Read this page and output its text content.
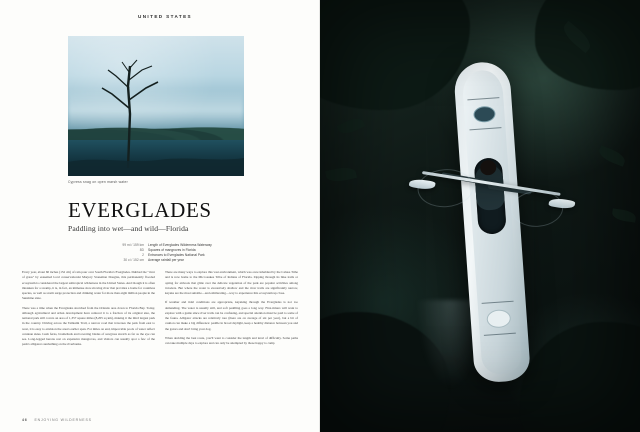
UNITED STATES
Cypress snag on open marsh water
EVERGLADES
Paddling into wet—and wild—Florida
99 mi / 159 km Length of Everglades Wilderness Waterway
8D Squares of mangroves in Florida
2 Entrances to Everglades National Park
30 ci / 152 cm Average rainfall per year

Every year, about 60 inches (152 cm) of rain pour over South Florida's Everglades. Dubbed the "river of grass" by esteemed local conservationist Marjory Stoneman Douglas, this permanently flooded ecosystem is considered the largest subtropical wilderness in the United States. And though it is often mistaken for a swamp, it is, in fact, an immense slow-moving river that provides a home for countless species, as well as storm surge protection and drinking water for more than eight million people in the Sunshine state.

There was a time when the Everglades stretched from the Orlando area down to Florida Bay. Today, although agricultural and urban development have reduced it to a fraction of its original size, the national park still covers an area of 1,357 square miles (8,205 sq km), making it the third largest park in the country. Driving across the Tamiami Trail, a narrow road that traverses the park from east to west, it is easy to envision the area's earlier span. For miles on end, impeccable pools of water reflect cerulean skies. Lush ferns, bromeliads and towering blades of sawgrass stretch as far as the eye can see. Long-legged herons rest on expansive mangroves, and visitors can usually spot a few of the park's alligators sunbathing on the riverbanks.

There are many ways to explore this vast environment, which was once inhabited by the Calusa Tribe and is now home to the Miccosukee Tribe of Indians of Florida. Zipping through its bike trails or opting for airboats that glide over the delicate vegetation of the park are popular activities among travelers. But where the water is excessively shallow and the river trails are significantly narrow, kayaks are the most suitable—and exhilarating—way to experience this ecosystem up close.

If weather and tidal conditions are appropriate, kayaking through the Everglades is not too demanding. The water is usually still, and soft paddling goes a long way. First-timers will want to explore with a guide since river trails can be confusing, and special attention must be paid to some of the fauna. Alligator attacks are relatively rare (there are on average of six per year), but a bit of caution can make a big difference: paddle in broad daylight, keep a healthy distance between you and the gators and don't bring your dog.

When deciding the best route, you'll want to consider the length and level of difficulty. Some paths can take multiple days to explore and can only be attempted by those happy to camp

46 ENJOYING WILDERNESS
